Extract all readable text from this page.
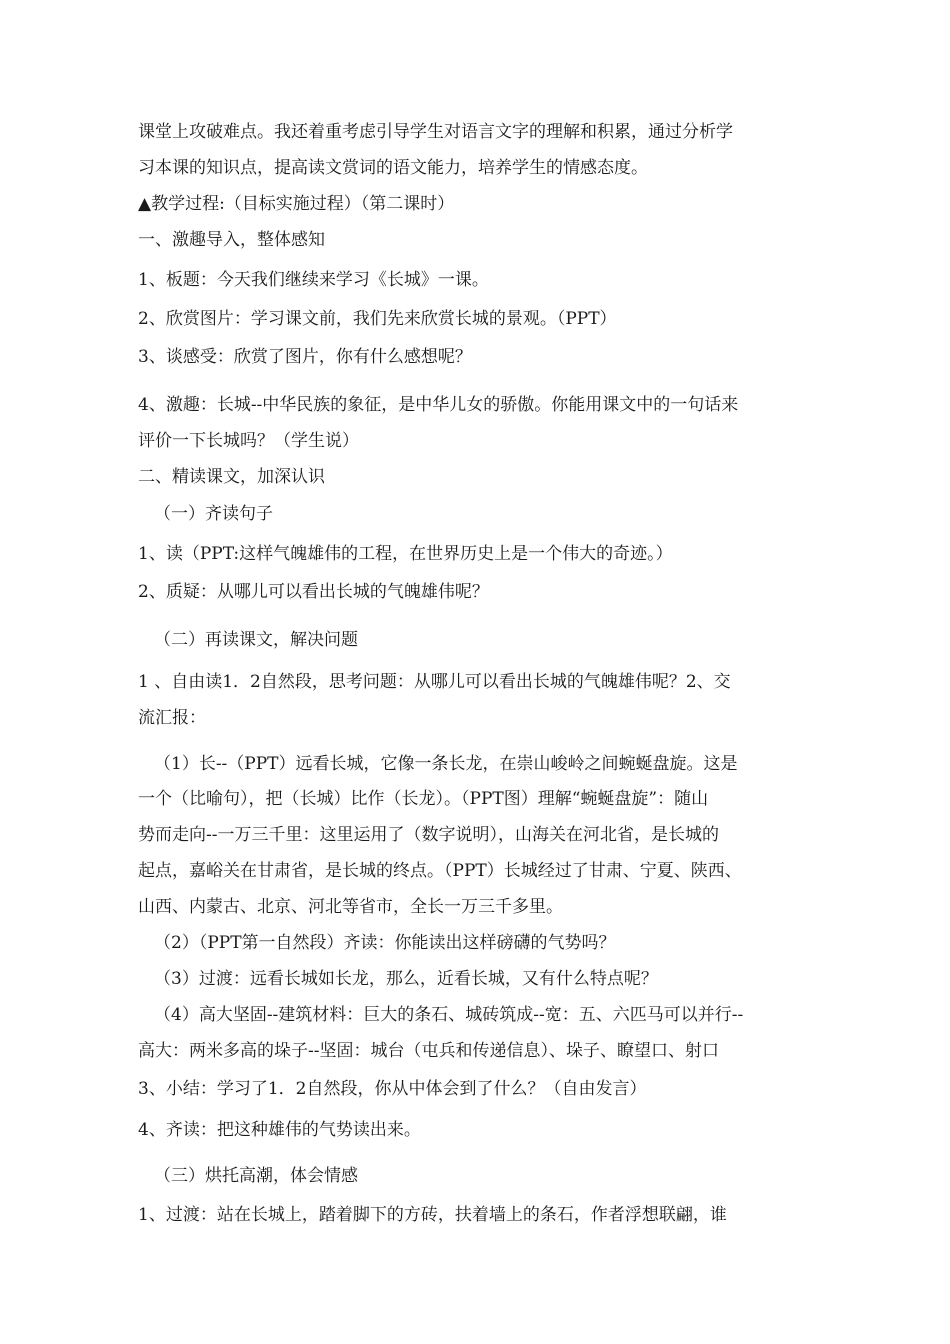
课堂上攻破难点。我还着重考虑引导学生对语言文字的理解和积累，通过分析学
习本课的知识点，提高读文赏词的语文能力，培养学生的情感态度。
▲教学过程:（目标实施过程）（第二课时）
一、激趣导入，整体感知
1、板题：今天我们继续来学习《长城》一课。
2、欣赏图片：学习课文前，我们先来欣赏长城的景观。（PPT）
3、谈感受：欣赏了图片，你有什么感想呢？
4、激趣：长城--中华民族的象征，是中华儿女的骄傲。你能用课文中的一句话来
评价一下长城吗？（学生说）
二、精读课文，加深认识
（一）齐读句子
1、读（PPT:这样气魄雄伟的工程，在世界历史上是一个伟大的奇迹。）
2、质疑：从哪儿可以看出长城的气魄雄伟呢？
（二）再读课文，解决问题
1 、自由读1．2自然段，思考问题：从哪儿可以看出长城的气魄雄伟呢？2、交
流汇报：
（1）长--（PPT）远看长城，它像一条长龙，在崇山峻岭之间蜿蜒盘旋。这是
一个（比喻句），把（长城）比作（长龙）。（PPT图）理解“蜿蜒盘旋”：随山
势而走向--一万三千里：这里运用了（数字说明），山海关在河北省，是长城的
起点，嘉峪关在甘肃省，是长城的终点。（PPT）长城经过了甘肃、宁夏、陕西、
山西、内蒙古、北京、河北等省市，全长一万三千多里。
（2）（PPT第一自然段）齐读：你能读出这样磅礴的气势吗？
（3）过渡：远看长城如长龙，那么，近看长城，又有什么特点呢？
（4）高大坚固--建筑材料：巨大的条石、城砖筑成--宽：五、六匹马可以并行--
高大：两米多高的垛子--坚固：城台（屯兵和传递信息）、垛子、瞭望口、射口
3、小结：学习了1．2自然段，你从中体会到了什么？（自由发言）
4、齐读：把这种雄伟的气势读出来。
（三）烘托高潮，体会情感
1、过渡：站在长城上，踏着脚下的方砖，扶着墙上的条石，作者浮想联翩，谁
